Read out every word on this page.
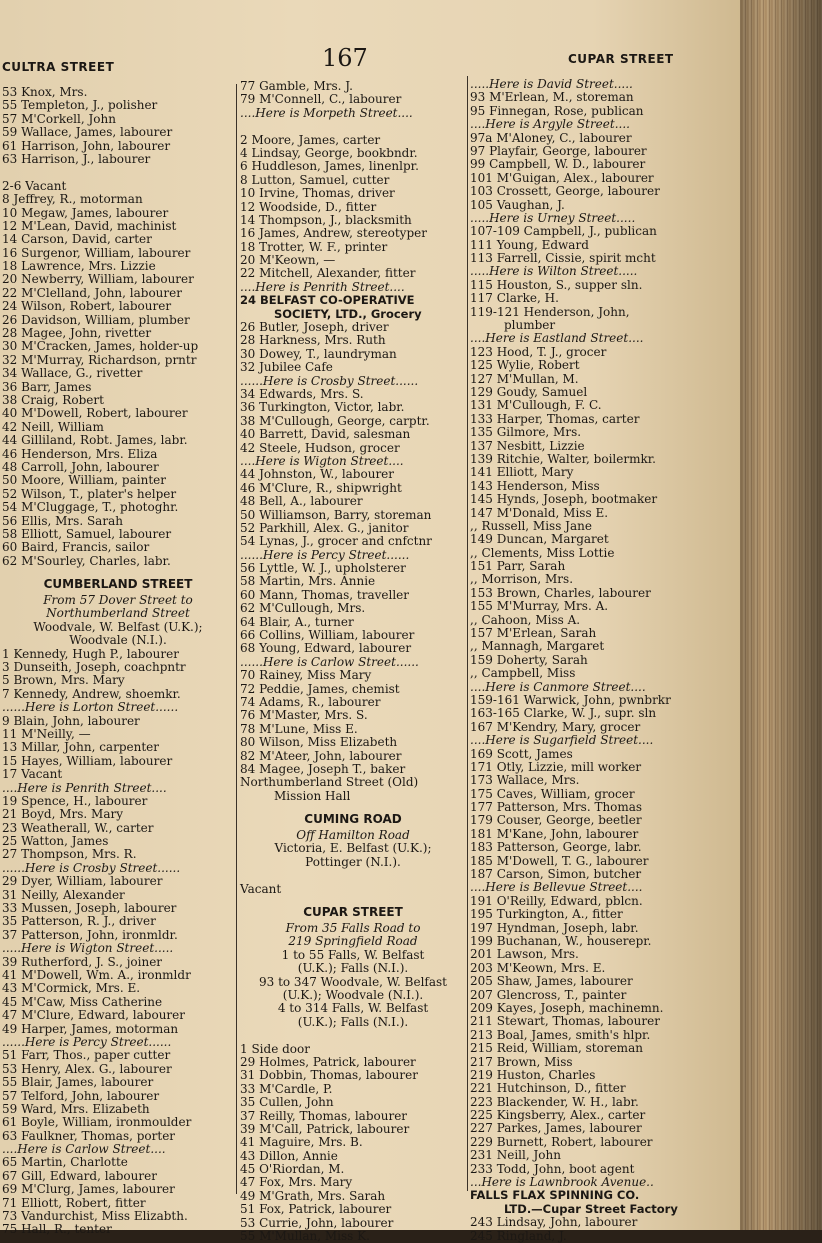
CULTRA STREET	167	CUPAR STREET
53 Knox, Mrs.
55 Templeton, J., polisher
57 M'Corkell, John
59 Wallace, James, labourer
61 Harrison, John, labourer
63 Harrison, J., labourer
2-6 Vacant
8 Jeffrey, R., motorman
10 Megaw, James, labourer
12 M'Lean, David, machinist
14 Carson, David, carter
16 Surgenor, William, labourer
18 Lawrence, Mrs. Lizzie
20 Newberry, William, labourer
22 M'Clelland, John, labourer
24 Wilson, Robert, labourer
26 Davidson, William, plumber
28 Magee, John, rivetter
30 M'Cracken, James, holder-up
32 M'Murray, Richardson, prntr
34 Wallace, G., rivetter
36 Barr, James
38 Craig, Robert
40 M'Dowell, Robert, labourer
42 Neill, William
44 Gilliland, Robt. James, labr.
46 Henderson, Mrs. Eliza
48 Carroll, John, labourer
50 Moore, William, painter
52 Wilson, T., plater's helper
54 M'Cluggage, T., photoghr.
56 Ellis, Mrs. Sarah
58 Elliott, Samuel, labourer
60 Baird, Francis, sailor
62 M'Sourley, Charles, labr.
CUMBERLAND STREET
From 57 Dover Street to
Northumberland Street
Woodvale, W. Belfast (U.K.);
Woodvale (N.I.).
1 Kennedy, Hugh P., labourer
3 Dunseith, Joseph, coachpntr
5 Brown, Mrs. Mary
7 Kennedy, Andrew, shoemkr.
......Here is Lorton Street......
9 Blain, John, labourer
11 M'Neilly, —
13 Millar, John, carpenter
15 Hayes, William, labourer
17 Vacant
....Here is Penrith Street....
19 Spence, H., labourer
21 Boyd, Mrs. Mary
23 Weatherall, W., carter
25 Watton, James
27 Thompson, Mrs. R.
......Here is Crosby Street......
29 Dyer, William, labourer
31 Neilly, Alexander
33 Mussen, Joseph, labourer
35 Patterson, R. J., driver
37 Patterson, John, ironmldr.
.....Here is Wigton Street.....
39 Rutherford, J. S., joiner
41 M'Dowell, Wm. A., ironmldr
43 M'Cormick, Mrs. E.
45 M'Caw, Miss Catherine
47 M'Clure, Edward, labourer
49 Harper, James, motorman
......Here is Percy Street......
51 Farr, Thos., paper cutter
53 Henry, Alex. G., labourer
55 Blair, James, labourer
57 Telford, John, labourer
59 Ward, Mrs. Elizabeth
61 Boyle, William, ironmoulder
63 Faulkner, Thomas, porter
....Here is Carlow Street....
65 Martin, Charlotte
67 Gill, Edward, labourer
69 M'Clurg, James, labourer
71 Elliott, Robert, fitter
73 Vandurchist, Miss Elizabth.
75 Hall, R., tenter
77 Gamble, Mrs. J.
79 M'Connell, C., labourer
....Here is Morpeth Street....
2 Moore, James, carter
4 Lindsay, George, bookbndr.
6 Huddleson, James, linenlpr.
8 Lutton, Samuel, cutter
10 Irvine, Thomas, driver
12 Woodside, D., fitter
14 Thompson, J., blacksmith
16 James, Andrew, stereotyper
18 Trotter, W. F., printer
20 M'Keown, —
22 Mitchell, Alexander, fitter
....Here is Penrith Street....
24 BELFAST CO-OPERATIVE
SOCIETY, LTD., Grocery
26 Butler, Joseph, driver
28 Harkness, Mrs. Ruth
30 Dowey, T., laundryman
32 Jubilee Cafe
......Here is Crosby Street......
34 Edwards, Mrs. S.
36 Turkington, Victor, labr.
38 M'Cullough, George, carptr.
40 Barrett, David, salesman
42 Steele, Hudson, grocer
....Here is Wigton Street....
44 Johnston, W., labourer
46 M'Clure, R., shipwright
48 Bell, A., labourer
50 Williamson, Barry, storeman
52 Parkhill, Alex. G., janitor
54 Lynas, J., grocer and cnfctnr
......Here is Percy Street......
56 Lyttle, W. J., upholsterer
58 Martin, Mrs. Annie
60 Mann, Thomas, traveller
62 M'Cullough, Mrs.
64 Blair, A., turner
66 Collins, William, labourer
68 Young, Edward, labourer
......Here is Carlow Street......
70 Rainey, Miss Mary
72 Peddie, James, chemist
74 Adams, R., labourer
76 M'Master, Mrs. S.
78 M'Lune, Miss E.
80 Wilson, Miss Elizabeth
82 M'Ateer, John, labourer
84 Magee, Joseph T., baker
Northumberland Street (Old)
Mission Hall
CUMING ROAD
Off Hamilton Road
Victoria, E. Belfast (U.K.);
Pottinger (N.I.).
Vacant
CUPAR STREET
From 35 Falls Road to
219 Springfield Road
1 to 55 Falls, W. Belfast
(U.K.); Falls (N.I.).
93 to 347 Woodvale, W. Belfast
(U.K.); Woodvale (N.I.).
4 to 314 Falls, W. Belfast
(U.K.); Falls (N.I.).
1 Side door
29 Holmes, Patrick, labourer
31 Dobbin, Thomas, labourer
33 M'Cardle, P.
35 Cullen, John
37 Reilly, Thomas, labourer
39 M'Call, Patrick, labourer
41 Maguire, Mrs. B.
43 Dillon, Annie
45 O'Riordan, M.
47 Fox, Mrs. Mary
49 M'Grath, Mrs. Sarah
51 Fox, Patrick, labourer
53 Currie, John, labourer
55 M'Mullan, Miss K.
.....Here is David Street.....
93 M'Erlean, M., storeman
95 Finnegan, Rose, publican
....Here is Argyle Street....
97a M'Aloney, C., labourer
97 Playfair, George, labourer
99 Campbell, W. D., labourer
101 M'Guigan, Alex., labourer
103 Crossett, George, labourer
105 Vaughan, J.
.....Here is Urney Street.....
107-109 Campbell, J., publican
111 Young, Edward
113 Farrell, Cissie, spirit mcht
.....Here is Wilton Street.....
115 Houston, S., supper sln.
117 Clarke, H.
119-121 Henderson, John,
plumber
....Here is Eastland Street....
123 Hood, T. J., grocer
125 Wylie, Robert
127 M'Mullan, M.
129 Goudy, Samuel
131 M'Cullough, F. C.
133 Harper, Thomas, carter
135 Gilmore, Mrs.
137 Nesbitt, Lizzie
139 Ritchie, Walter, boilermkr.
141 Elliott, Mary
143 Henderson, Miss
145 Hynds, Joseph, bootmaker
147 M'Donald, Miss E.
,, Russell, Miss Jane
149 Duncan, Margaret
,, Clements, Miss Lottie
151 Parr, Sarah
,, Morrison, Mrs.
153 Brown, Charles, labourer
155 M'Murray, Mrs. A.
,, Cahoon, Miss A.
157 M'Erlean, Sarah
,, Mannagh, Margaret
159 Doherty, Sarah
,, Campbell, Miss
....Here is Canmore Street....
159-161 Warwick, John, pwnbrkr
163-165 Clarke, W. J., supr. sln
167 M'Kendry, Mary, grocer
....Here is Sugarfield Street....
169 Scott, James
171 Otly, Lizzie, mill worker
173 Wallace, Mrs.
175 Caves, William, grocer
177 Patterson, Mrs. Thomas
179 Couser, George, beetler
181 M'Kane, John, labourer
183 Patterson, George, labr.
185 M'Dowell, T. G., labourer
187 Carson, Simon, butcher
....Here is Bellevue Street....
191 O'Reilly, Edward, pblcn.
195 Turkington, A., fitter
197 Hyndman, Joseph, labr.
199 Buchanan, W., houserepr.
201 Lawson, Mrs.
203 M'Keown, Mrs. E.
205 Shaw, James, labourer
207 Glencross, T., painter
209 Kayes, Joseph, machinemn.
211 Stewart, Thomas, labourer
213 Boal, James, smith's hlpr.
215 Reid, William, storeman
217 Brown, Miss
219 Huston, Charles
221 Hutchinson, D., fitter
223 Blackender, W. H., labr.
225 Kingsberry, Alex., carter
227 Parkes, James, labourer
229 Burnett, Robert, labourer
231 Neill, John
233 Todd, John, boot agent
...Here is Lawnbrook Avenue..
FALLS FLAX SPINNING CO.
LTD.—Cupar Street Factory
243 Lindsay, John, labourer
245 Ringland, J.
